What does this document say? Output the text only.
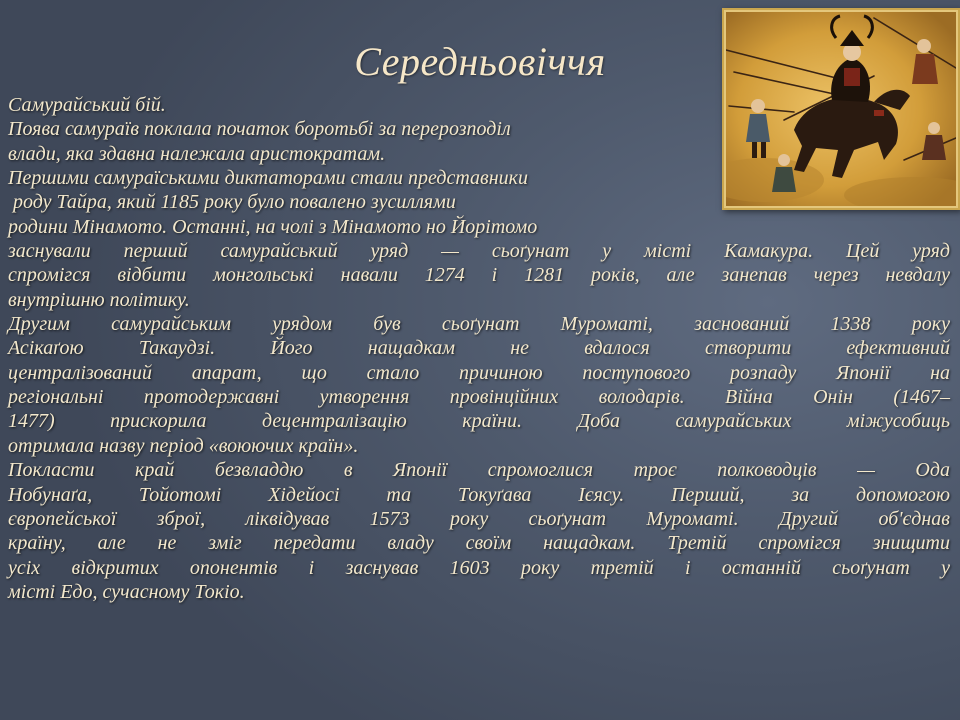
Середньовіччя
Самурайський бій.
Поява самураїв поклала початок боротьбі за перерозподіл
влади, яка здавна належала аристократам.
Першими самураїськими диктаторами стали представники
роду Тайра, який 1185 року було повалено зусиллями
родини Мінамото. Останні, на чолі з Мінамото но Йорітомо
заснували перший самурайський уряд — сьоґунат у місті Камакура. Цей уряд
спромігся відбити монгольські навали 1274 і 1281 років, але занепав через невдалу
внутрішню політику.
Другим самурайським урядом був сьоґунат Муроматі, заснований 1338 року
Асікаґою Такаудзі. Його нащадкам не вдалося створити ефективний
централізований апарат, що стало причиною поступового розпаду Японії на
регіональні протодержавні утворення провінційних володарів. Війна Онін (1467–
1477) прискорила децентралізацію країни. Доба самурайських міжусобиць
отримала назву період «воюючих країн».
Покласти край безвладдю в Японії спромоглися троє полководців — Ода
Нобунаґа, Тойотомі Хідейосі та Токуґава Ієясу. Перший, за допомогою
європейської зброї, ліквідував 1573 року сьоґунат Муроматі. Другий об'єднав
країну, але не зміг передати владу своїм нащадкам. Третій спромігся знищити
усіх відкритих опонентів і заснував 1603 року третій і останній сьоґунат у
місті Едо, сучасному Токіо.
